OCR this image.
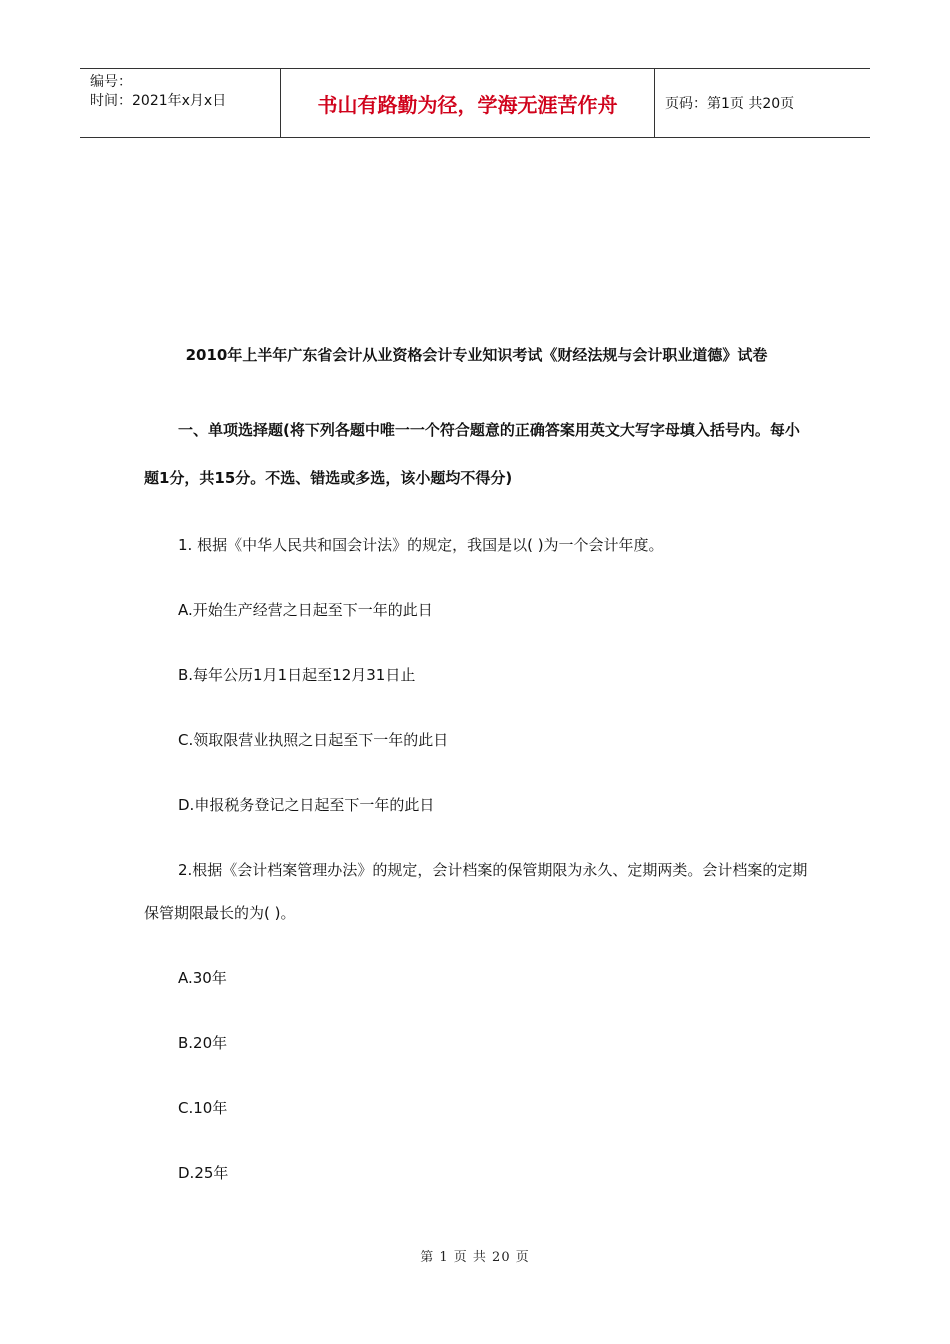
编号：
时间：2021年x月x日	书山有路勤为径，学海无涯苦作舟	页码：第1页 共20页
2010年上半年广东省会计从业资格会计专业知识考试《财经法规与会计职业道德》试卷

一、单项选择题(将下列各题中唯一一个符合题意的正确答案用英文大写字母填入括号内。每小题1分，共15分。不选、错选或多选，该小题均不得分)

1. 根据《中华人民共和国会计法》的规定，我国是以( )为一个会计年度。

A.开始生产经营之日起至下一年的此日

B.每年公历1月1日起至12月31日止

C.领取限营业执照之日起至下一年的此日

D.申报税务登记之日起至下一年的此日

2.根据《会计档案管理办法》的规定，会计档案的保管期限为永久、定期两类。会计档案的定期保管期限最长的为( )。

A.30年

B.20年

C.10年

D.25年

第 1 页 共 20 页
